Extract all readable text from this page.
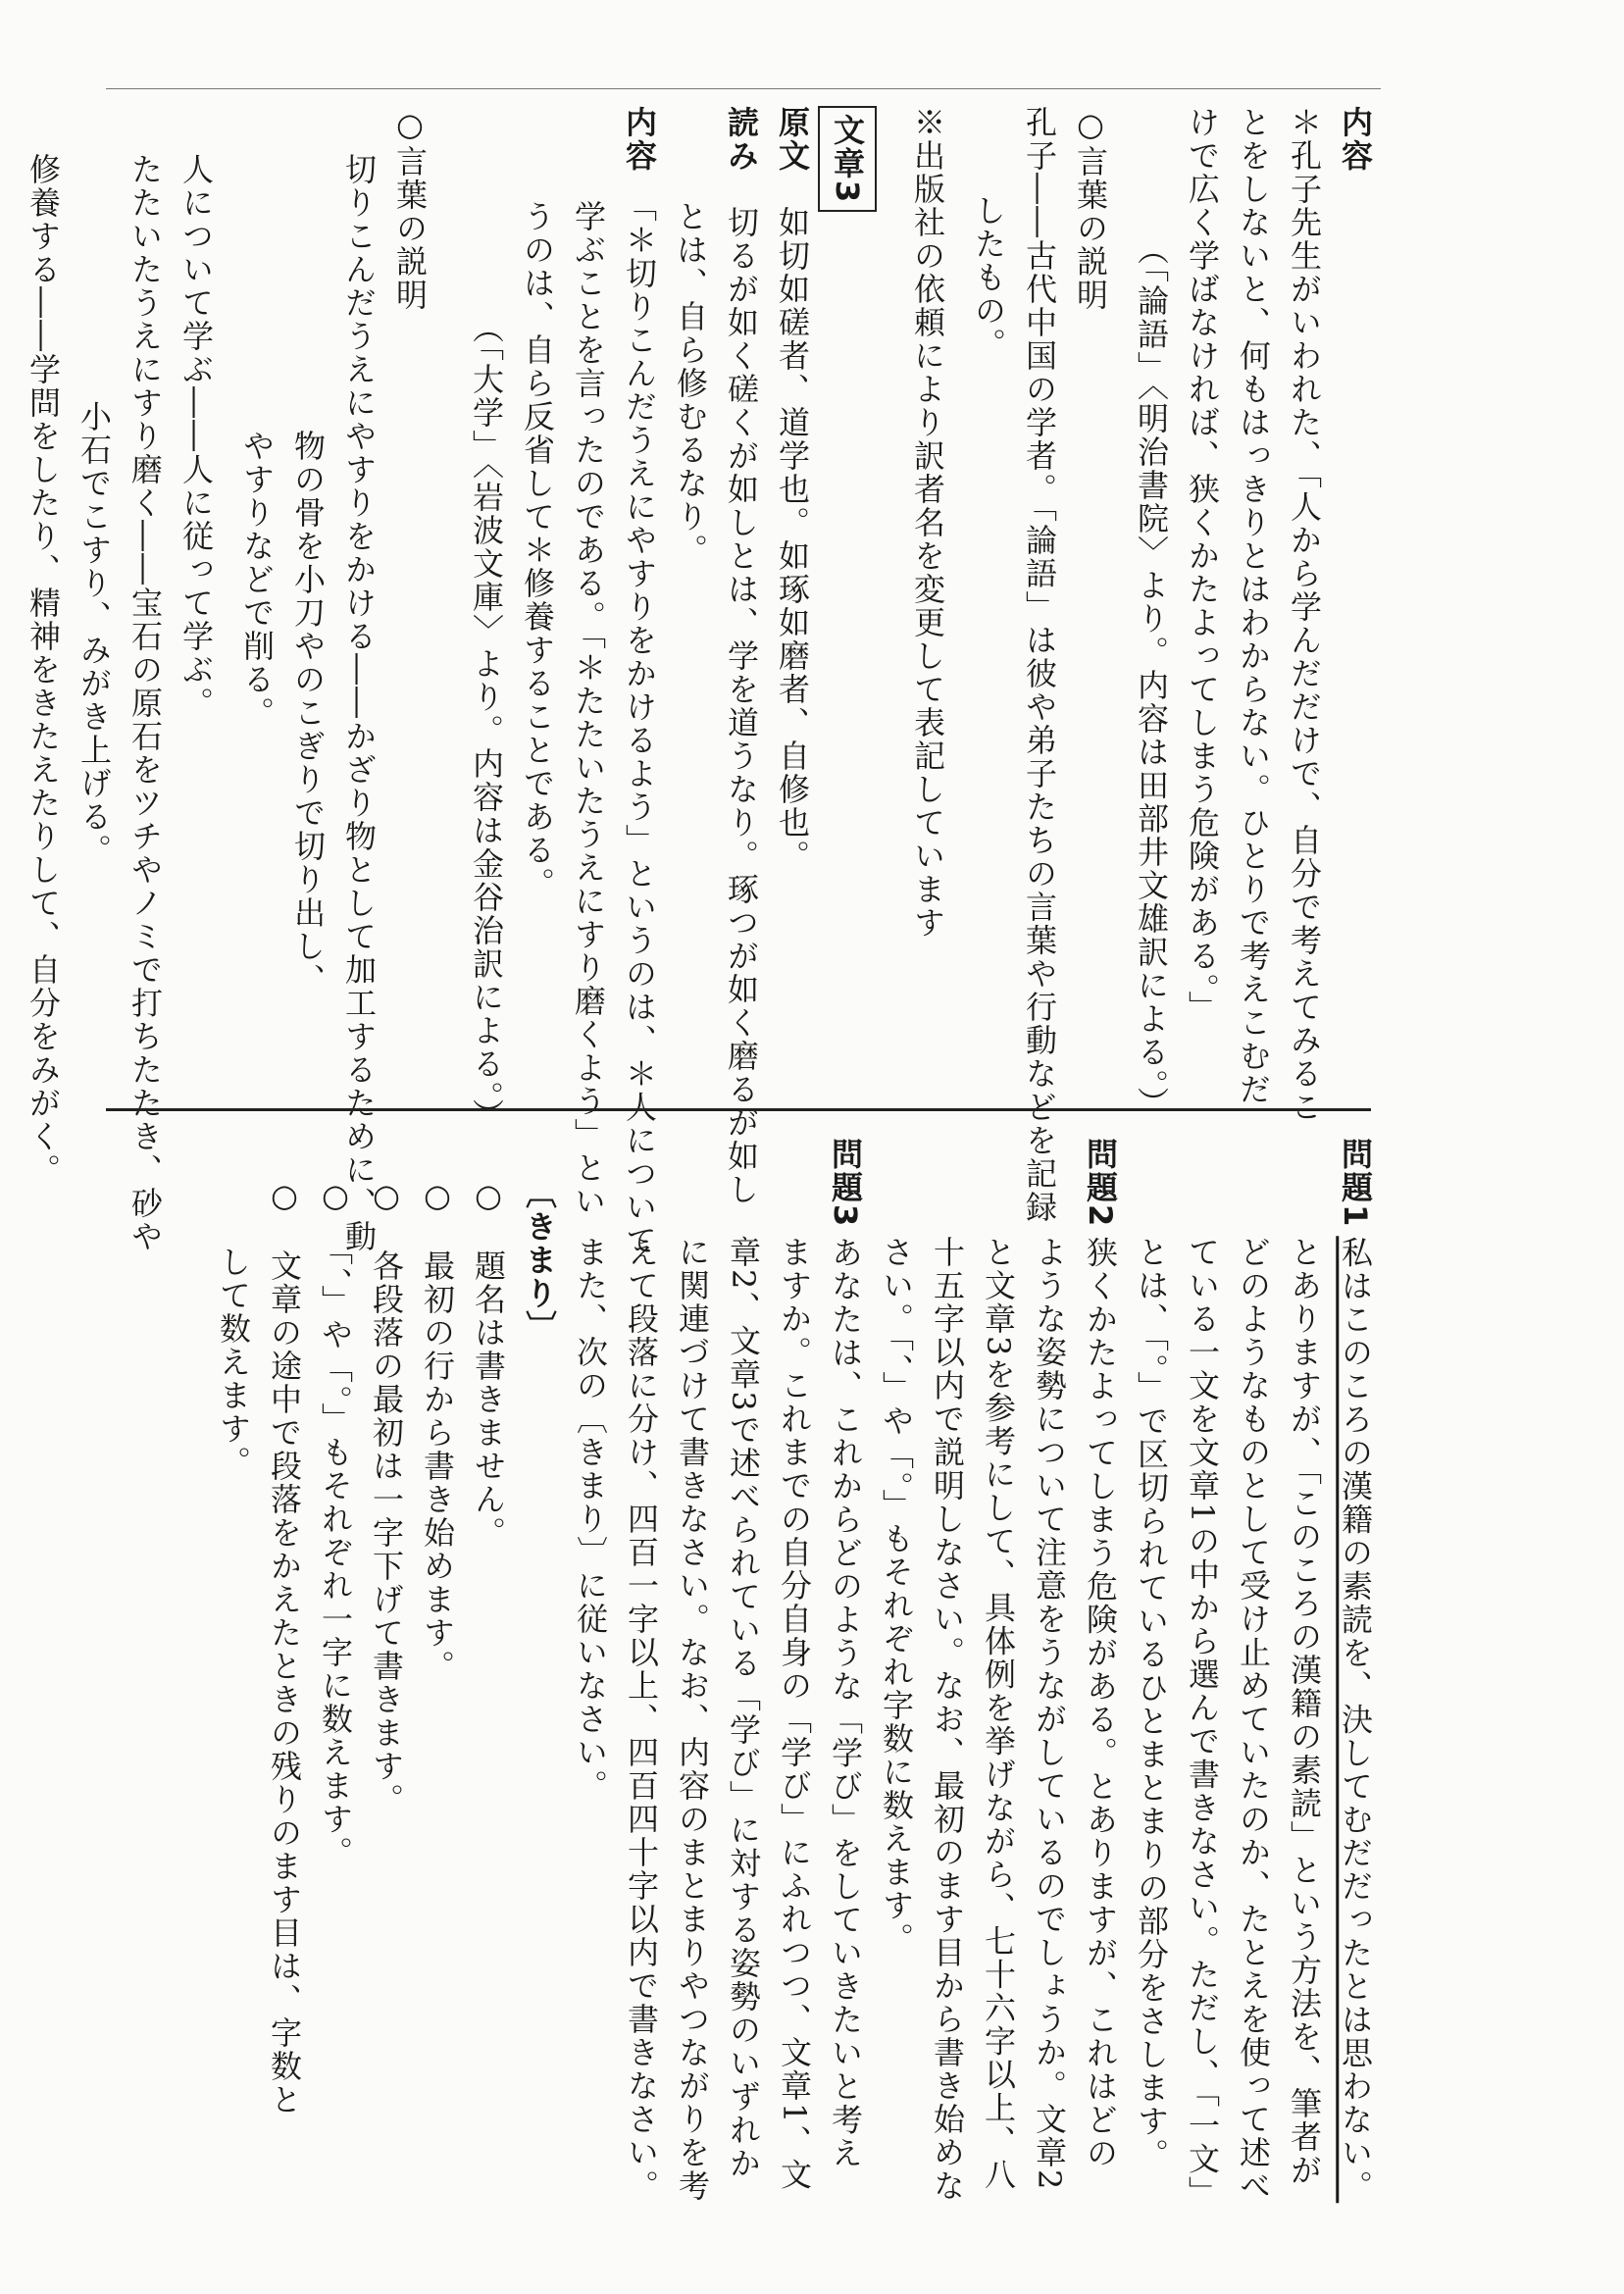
内容
＊孔子先生がいわれた、「人から学んだだけで、自分で考えてみるこ
とをしないと、何もはっきりとはわからない。ひとりで考えこむだ
けで広く学ばなければ、狭くかたよってしまう危険がある。」
（「論語」〈明治書院〉より。内容は田部井文雄訳による。）
○言葉の説明
孔子――古代中国の学者。「論語」は彼や弟子たちの言葉や行動などを記録
したもの。
※出版社の依頼により訳者名を変更して表記しています
文章3
原文　如切如磋者、道学也。如琢如磨者、自修也。
読み　切るが如く磋くが如しとは、学を道うなり。琢つが如く磨るが如し
とは、自ら修むるなり。
内容　「＊切りこんだうえにやすりをかけるよう」というのは、＊人について
学ぶことを言ったのである。「＊たたいたうえにすり磨くよう」とい
うのは、自ら反省して＊修養することである。
（「大学」〈岩波文庫〉より。内容は金谷治訳による。）
○言葉の説明
切りこんだうえにやすりをかける――かざり物として加工するために、動
物の骨を小刀やのこぎりで切り出し、
やすりなどで削る。
人について学ぶ――人に従って学ぶ。
たたいたうえにすり磨く――宝石の原石をツチやノミで打ちたたき、砂や
小石でこすり、みがき上げる。
修養する――学問をしたり、精神をきたえたりして、自分をみがく。	問題1私はこのころの漢籍の素読を、決してむだだったとは思わない。
とありますが、「このころの漢籍の素読」という方法を、筆者が
どのようなものとして受け止めていたのか、たとえを使って述べ
ている一文を文章1の中から選んで書きなさい。ただし、「一文」
とは、「。」で区切られているひとまとまりの部分をさします。
問題2狭くかたよってしまう危険がある。とありますが、これはどの
ような姿勢について注意をうながしているのでしょうか。文章2
と文章3を参考にして、具体例を挙げながら、七十六字以上、八
十五字以内で説明しなさい。なお、最初のます目から書き始めな
さい。「、」や「。」もそれぞれ字数に数えます。
問題3あなたは、これからどのような「学び」をしていきたいと考え
ますか。これまでの自分自身の「学び」にふれつつ、文章1、文
章2、文章3で述べられている「学び」に対する姿勢のいずれか
に関連づけて書きなさい。なお、内容のまとまりやつながりを考
えて段落に分け、四百一字以上、四百四十字以内で書きなさい。
また、次の〔きまり〕に従いなさい。
〔きまり〕
○　題名は書きません。
○　最初の行から書き始めます。
○　各段落の最初は一字下げて書きます。
○　「、」や「。」もそれぞれ一字に数えます。
○　文章の途中で段落をかえたときの残りのます目は、字数と
して数えます。
